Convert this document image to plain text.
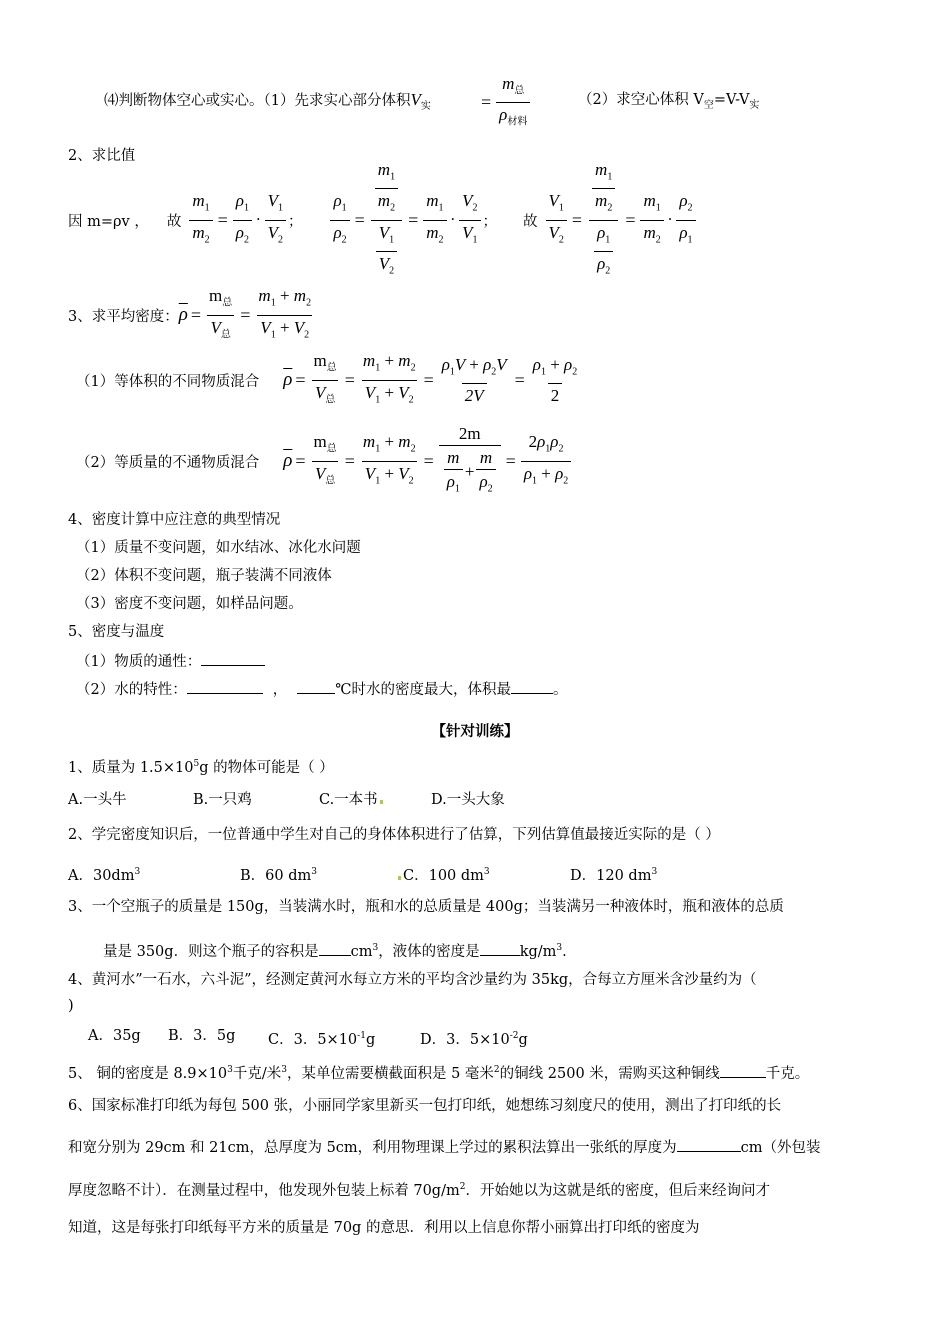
⑷判断物体空心或实心。（1）先求实心部分体积$V_实$	= $\frac{m_总}{\rho_{材料}}$	（2）求空心体积 $V_空=V-V_实$
2、求比值
因 m=ρv ， 故 $\frac{m_1}{m_2} = \frac{\rho_1}{\rho_2} \cdot \frac{V_1}{V_2}$ ； $\frac{\rho_1}{\rho_2} = \frac{\frac{m_1}{m_2}}{\frac{V_1}{V_2}} = \frac{m_1}{m_2} \cdot \frac{V_2}{V_1}$ ； 故 $\frac{V_1}{V_2} = \frac{\frac{m_1}{m_2}}{\frac{\rho_1}{\rho_2}} = \frac{m_1}{m_2} \cdot \frac{\rho_2}{\rho_1}$
3、求平均密度： $\overline{\rho} = \frac{m_总}{V_总} = \frac{m_1 + m_2}{V_1 + V_2}$
（1）等体积的不同物质混合 $\overline{\rho} = \frac{m_总}{V_总} = \frac{m_1 + m_2}{V_1 + V_2} = \frac{\rho_1V + \rho_2V}{2V} = \frac{\rho_1 + \rho_2}{2}$
（2）等质量的不通物质混合 $\overline{\rho} = \frac{m_总}{V_总} = \frac{m_1 + m_2}{V_1 + V_2} = \frac{2m}{\frac{m}{\rho_1} + \frac{m}{\rho_2}} = \frac{2\rho_1\rho_2}{\rho_1 + \rho_2}$
4、密度计算中应注意的典型情况
（1）质量不变问题，如水结冰、冰化水问题
（2）体积不变问题，瓶子装满不同液体
（3）密度不变问题，如样品问题。
5、密度与温度
（1）物质的通性：
（2）水的特性：	，	℃时水的密度最大，体积最	。
【针对训练】
1、质量为 $1.5\times 10^5g$ 的物体可能是（ ）
A.一头牛	B.一只鸡	C.一本书	D.一头大象
2、学完密度知识后，一位普通中学生对自己的身体体积进行了估算，下列估算值最接近实际的是（ ）
A．$30dm^3$	B．60 $dm^3$	C．100 $dm^3$	D．120 $dm^3$
3、一个空瓶子的质量是 150g，当装满水时，瓶和水的总质量是 400g；当装满另一种液体时，瓶和液体的总质
量是 350g．则这个瓶子的容积是 $cm^3$，液体的密度是	$kg/m^3$.
4、黄河水”一石水，六斗泥”，经测定黄河水每立方米的平均含沙量约为 35kg，合每立方厘米含沙量约为（
)
A．35g B．3．5g C．3．$5\times 10^{-1}g$	D．3．$5\times 10^{-2}g$
5、 铜的密度是 $8.9\times 10^3$千克/米$^3$，某单位需要横截面积是 5 毫米$^2$的铜线 2500 米，需购买这种铜线	千克。
6、国家标准打印纸为每包 500 张，小丽同学家里新买一包打印纸，她想练习刻度尺的使用，测出了打印纸的长
和宽分别为 29cm 和 21cm，总厚度为 5cm，利用物理课上学过的累积法算出一张纸的厚度为	cm（外包装
厚度忽略不计）．在测量过程中，他发现外包装上标着 $70g/m^2$．开始她以为这就是纸的密度，但后来经询问才
知道，这是每张打印纸每平方米的质量是 70g 的意思．利用以上信息你帮小丽算出打印纸的密度为
